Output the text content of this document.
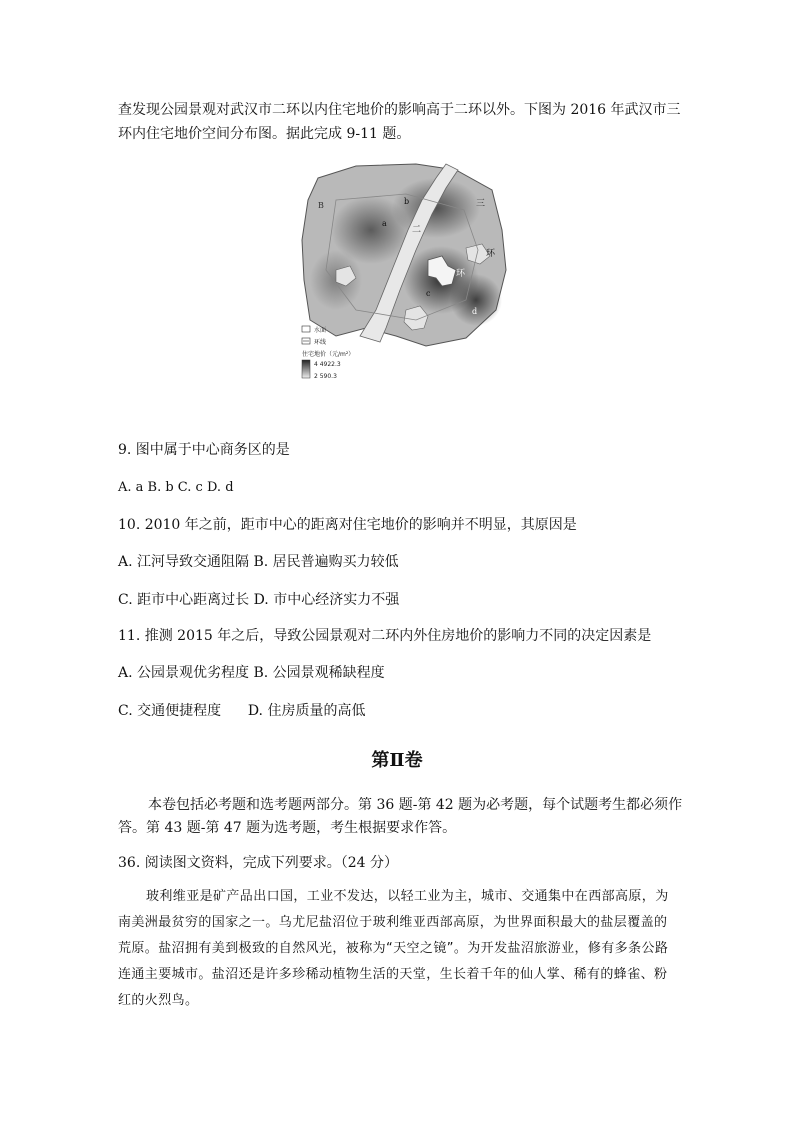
查发现公园景观对武汉市二环以内住宅地价的影响高于二环以外。下图为 2016 年武汉市三
环内住宅地价空间分布图。据此完成 9-11 题。
B
a
b
c
d
二
三
环
环
水面
环线
住宅地价（元/m²）
4 4922.3
2 590.3
9. 图中属于中心商务区的是
A. a B. b C. c D. d
10. 2010 年之前，距市中心的距离对住宅地价的影响并不明显，其原因是
A. 江河导致交通阻隔 B. 居民普遍购买力较低
C. 距市中心距离过长 D. 市中心经济实力不强
11. 推测 2015 年之后，导致公园景观对二环内外住房地价的影响力不同的决定因素是
A. 公园景观优劣程度 B. 公园景观稀缺程度
C. 交通便捷程度      D. 住房质量的高低
第Ⅱ卷
本卷包括必考题和选考题两部分。第 36 题-第 42 题为必考题，每个试题考生都必须作
答。第 43 题-第 47 题为选考题，考生根据要求作答。
36. 阅读图文资料，完成下列要求。（24 分）
玻利维亚是矿产品出口国，工业不发达，以轻工业为主，城市、交通集中在西部高原，为南美洲最贫穷的国家之一。乌尤尼盐沼位于玻利维亚西部高原，为世界面积最大的盐层覆盖的荒原。盐沼拥有美到极致的自然风光，被称为“天空之镜”。为开发盐沼旅游业，修有多条公路连通主要城市。盐沼还是许多珍稀动植物生活的天堂，生长着千年的仙人掌、稀有的蜂雀、粉红的火烈鸟。
